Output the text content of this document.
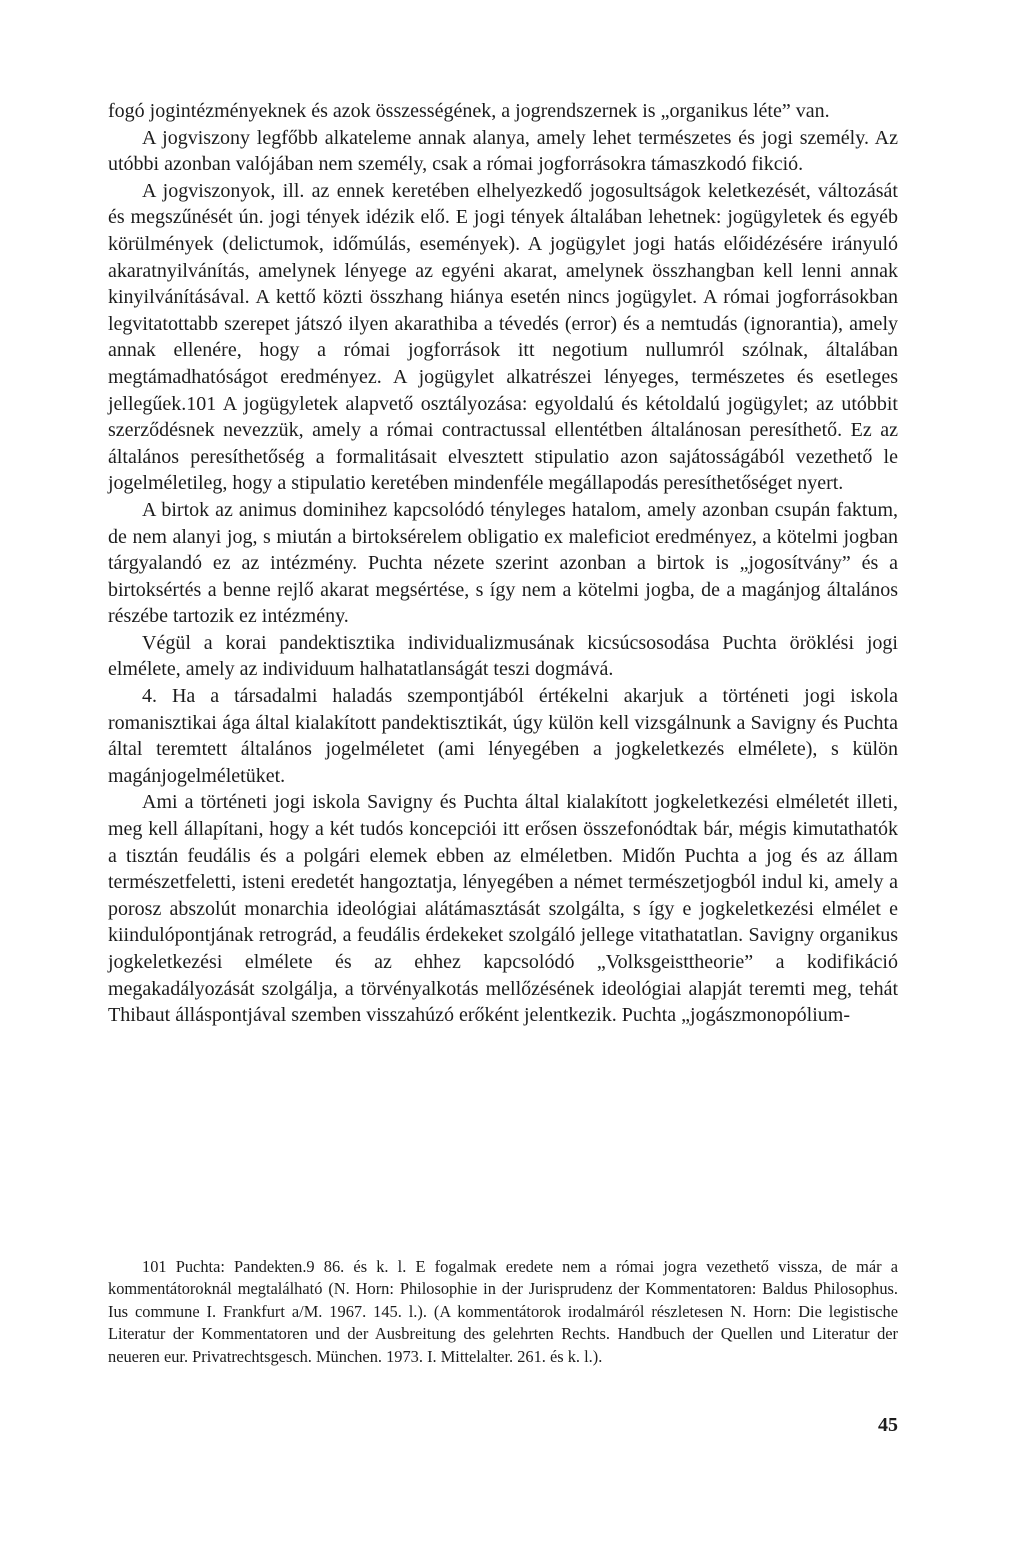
fogó jogintézményeknek és azok összességének, a jogrendszernek is „organikus léte” van.

A jogviszony legfőbb alkateleme annak alanya, amely lehet természetes és jogi személy. Az utóbbi azonban valójában nem személy, csak a római jogforrásokra támaszkodó fikció.

A jogviszonyok, ill. az ennek keretében elhelyezkedő jogosultságok keletkezését, változását és megszűnését ún. jogi tények idézik elő. E jogi tények általában lehetnek: jogügyletek és egyéb körülmények (delictumok, időmúlás, események). A jogügylet jogi hatás előidézésére irányuló akaratnyilvánítás, amelynek lényege az egyéni akarat, amelynek összhangban kell lenni annak kinyilvánításával. A kettő közti összhang hiánya esetén nincs jogügylet. A római jogforrásokban legvitatottabb szerepet játszó ilyen akarathiba a tévedés (error) és a nemtudás (ignorantia), amely annak ellenére, hogy a római jogforrások itt negotium nullumról szólnak, általában megtámadhatóságot eredményez. A jogügylet alkatrészei lényeges, természetes és esetleges jellegűek.101 A jogügyletek alapvető osztályozása: egyoldalú és kétoldalú jogügylet; az utóbbit szerződésnek nevezzük, amely a római contractussal ellentétben általánosan peresíthető. Ez az általános peresíthetőség a formalitásait elvesztett stipulatio azon sajátosságából vezethető le jogelméletileg, hogy a stipulatio keretében mindenféle megállapodás peresíthetőséget nyert.

A birtok az animus dominihez kapcsolódó tényleges hatalom, amely azonban csupán faktum, de nem alanyi jog, s miután a birtoksérelem obligatio ex maleficiot eredményez, a kötelmi jogban tárgyalandó ez az intézmény. Puchta nézete szerint azonban a birtok is „jogosítvány” és a birtoksértés a benne rejlő akarat megsértése, s így nem a kötelmi jogba, de a magánjog általános részébe tartozik ez intézmény.

Végül a korai pandektisztika individualizmusának kicsúcsosodása Puchta öröklési jogi elmélete, amely az individuum halhatatlanságát teszi dogmává.

4. Ha a társadalmi haladás szempontjából értékelni akarjuk a történeti jogi iskola romanisztikai ága által kialakított pandektisztikát, úgy külön kell vizsgálnunk a Savigny és Puchta által teremtett általános jogelméletet (ami lényegében a jogkeletkezés elmélete), s külön magánjogelméletüket.

Ami a történeti jogi iskola Savigny és Puchta által kialakított jogkeletkezési elméletét illeti, meg kell állapítani, hogy a két tudós koncepciói itt erősen összefonódtak bár, mégis kimutathatók a tisztán feudális és a polgári elemek ebben az elméletben. Midőn Puchta a jog és az állam természetfeletti, isteni eredetét hangoztatja, lényegében a német természetjogból indul ki, amely a porosz abszolút monarchia ideológiai alátámasztását szolgálta, s így e jogkeletkezési elmélet e kiindulópontjának retrográd, a feudális érdekeket szolgáló jellege vitathatatlan. Savigny organikus jogkeletkezési elmélete és az ehhez kapcsolódó „Volksgeisttheorie” a kodifikáció megakadályozását szolgálja, a törvényalkotás mellőzésének ideológiai alapját teremti meg, tehát Thibaut álláspontjával szemben visszahúzó erőként jelentkezik. Puchta „jogászmonopólium-

101 Puchta: Pandekten.9 86. és k. l. E fogalmak eredete nem a római jogra vezethető vissza, de már a kommentátoroknál megtalálható (N. Horn: Philosophie in der Jurisprudenz der Kommentatoren: Baldus Philosophus. Ius commune I. Frankfurt a/M. 1967. 145. l.). (A kommentátorok irodalmáról részletesen N. Horn: Die legistische Literatur der Kommentatoren und der Ausbreitung des gelehrten Rechts. Handbuch der Quellen und Literatur der neueren eur. Privatrechtsgesch. München. 1973. I. Mittelalter. 261. és k. l.).

45
